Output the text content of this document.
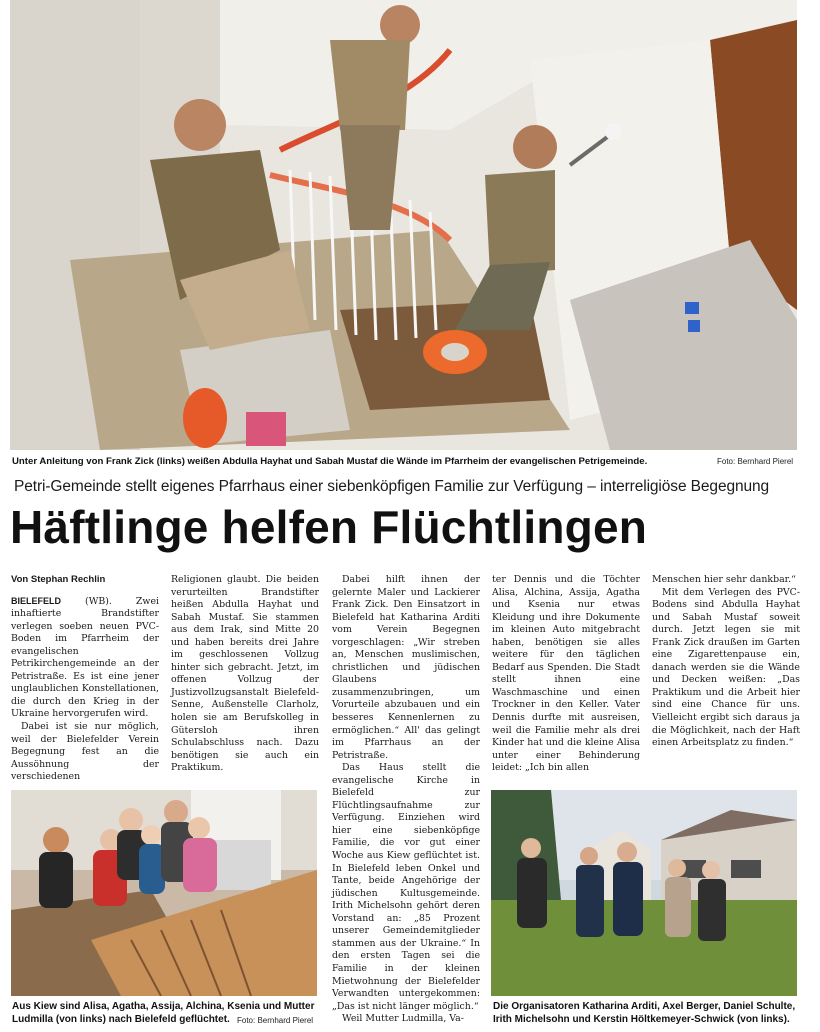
Unter Anleitung von Frank Zick (links) weißen Abdulla Hayhat und Sabah Mustaf die Wände im Pfarrheim der evangelischen Petrigemeinde.	Foto: Bernhard Pierel
Petri-Gemeinde stellt eigenes Pfarrhaus einer siebenköpfigen Familie zur Verfügung – interreligiöse Begegnung
Häftlinge helfen Flüchtlingen
Von Stephan Rechlin

BIELEFELD (WB).	Zwei inhaftierte Brandstifter verlegen soeben neuen PVC-Boden im Pfarrheim der evangelischen Petrikirchengemeinde an der Petristraße. Es ist eine jener unglaublichen Konstellationen, die durch den Krieg in der Ukraine hervorgerufen wird.

Dabei ist sie nur möglich, weil der Bielefelder Verein Begegnung fest an die Aussöhnung der verschiedenen

Religionen glaubt. Die beiden verurteilten Brandstifter heißen Abdulla Hayhat und Sabah Mustaf. Sie stammen aus dem Irak, sind Mitte 20 und haben bereits drei Jahre im geschlossenen Vollzug hinter sich gebracht. Jetzt, im offenen Vollzug der Justizvollzugsanstalt Bielefeld-Senne, Außenstelle Clarholz, holen sie am Berufskolleg in Gütersloh ihren Schulabschluss nach. Dazu benötigen sie auch ein Praktikum.

Dabei hilft ihnen der gelernte Maler und Lackierer Frank Zick. Den Einsatzort in Bielefeld hat Katharina Arditi vom Verein Begegnen vorgeschlagen: „Wir streben an, Menschen muslimischen, christlichen und jüdischen Glaubens zusammenzubringen, um Vorurteile abzubauen und ein besseres Kennenlernen zu ermöglichen.“ All' das gelingt im Pfarrhaus an der Petristraße.

Das Haus stellt die evangelische Kirche in Bielefeld zur Flüchtlingsaufnahme zur Verfügung. Einziehen wird hier eine siebenköpfige Familie, die vor gut einer Woche aus Kiew geflüchtet ist. In Bielefeld leben Onkel und Tante, beide Angehörige der jüdischen Kultusgemeinde. Irith Michelsohn gehört deren Vorstand an: „85 Prozent unserer Gemeindemitglieder stammen aus der Ukraine.“ In den ersten Tagen sei die Familie in der kleinen Mietwohnung der Bielefelder Verwandten untergekommen: „Das ist nicht länger möglich.“

Weil Mutter Ludmilla, Va-

ter Dennis und die Töchter Alisa, Alchina, Assija, Agatha und Ksenia nur etwas Kleidung und ihre Dokumente im kleinen Auto mitgebracht haben, benötigen sie alles weitere für den täglichen Bedarf aus Spenden. Die Stadt stellt ihnen eine Waschmaschine und einen Trockner in den Keller. Vater Dennis durfte mit ausreisen, weil die Familie mehr als drei Kinder hat und die kleine Alisa unter einer Behinderung leidet: „Ich bin allen

Menschen hier sehr dankbar.“

Mit dem Verlegen des PVC-Bodens sind Abdulla Hayhat und Sabah Mustaf soweit durch. Jetzt legen sie mit Frank Zick draußen im Garten eine Zigarettenpause ein, danach werden sie die Wände und Decken weißen: „Das Praktikum und die Arbeit hier sind eine Chance für uns. Vielleicht ergibt sich daraus ja die Möglichkeit, nach der Haft einen Arbeitsplatz zu finden.“

Aus Kiew sind Alisa, Agatha, Assija, Alchina, Ksenia und Mutter Ludmilla (von links) nach Bielefeld geflüchtet. Foto: Bernhard Pierel
Die Organisatoren Katharina Arditi, Axel Berger, Daniel Schulte, Irith Michelsohn und Kerstin Höltkemeyer-Schwick (von links).
